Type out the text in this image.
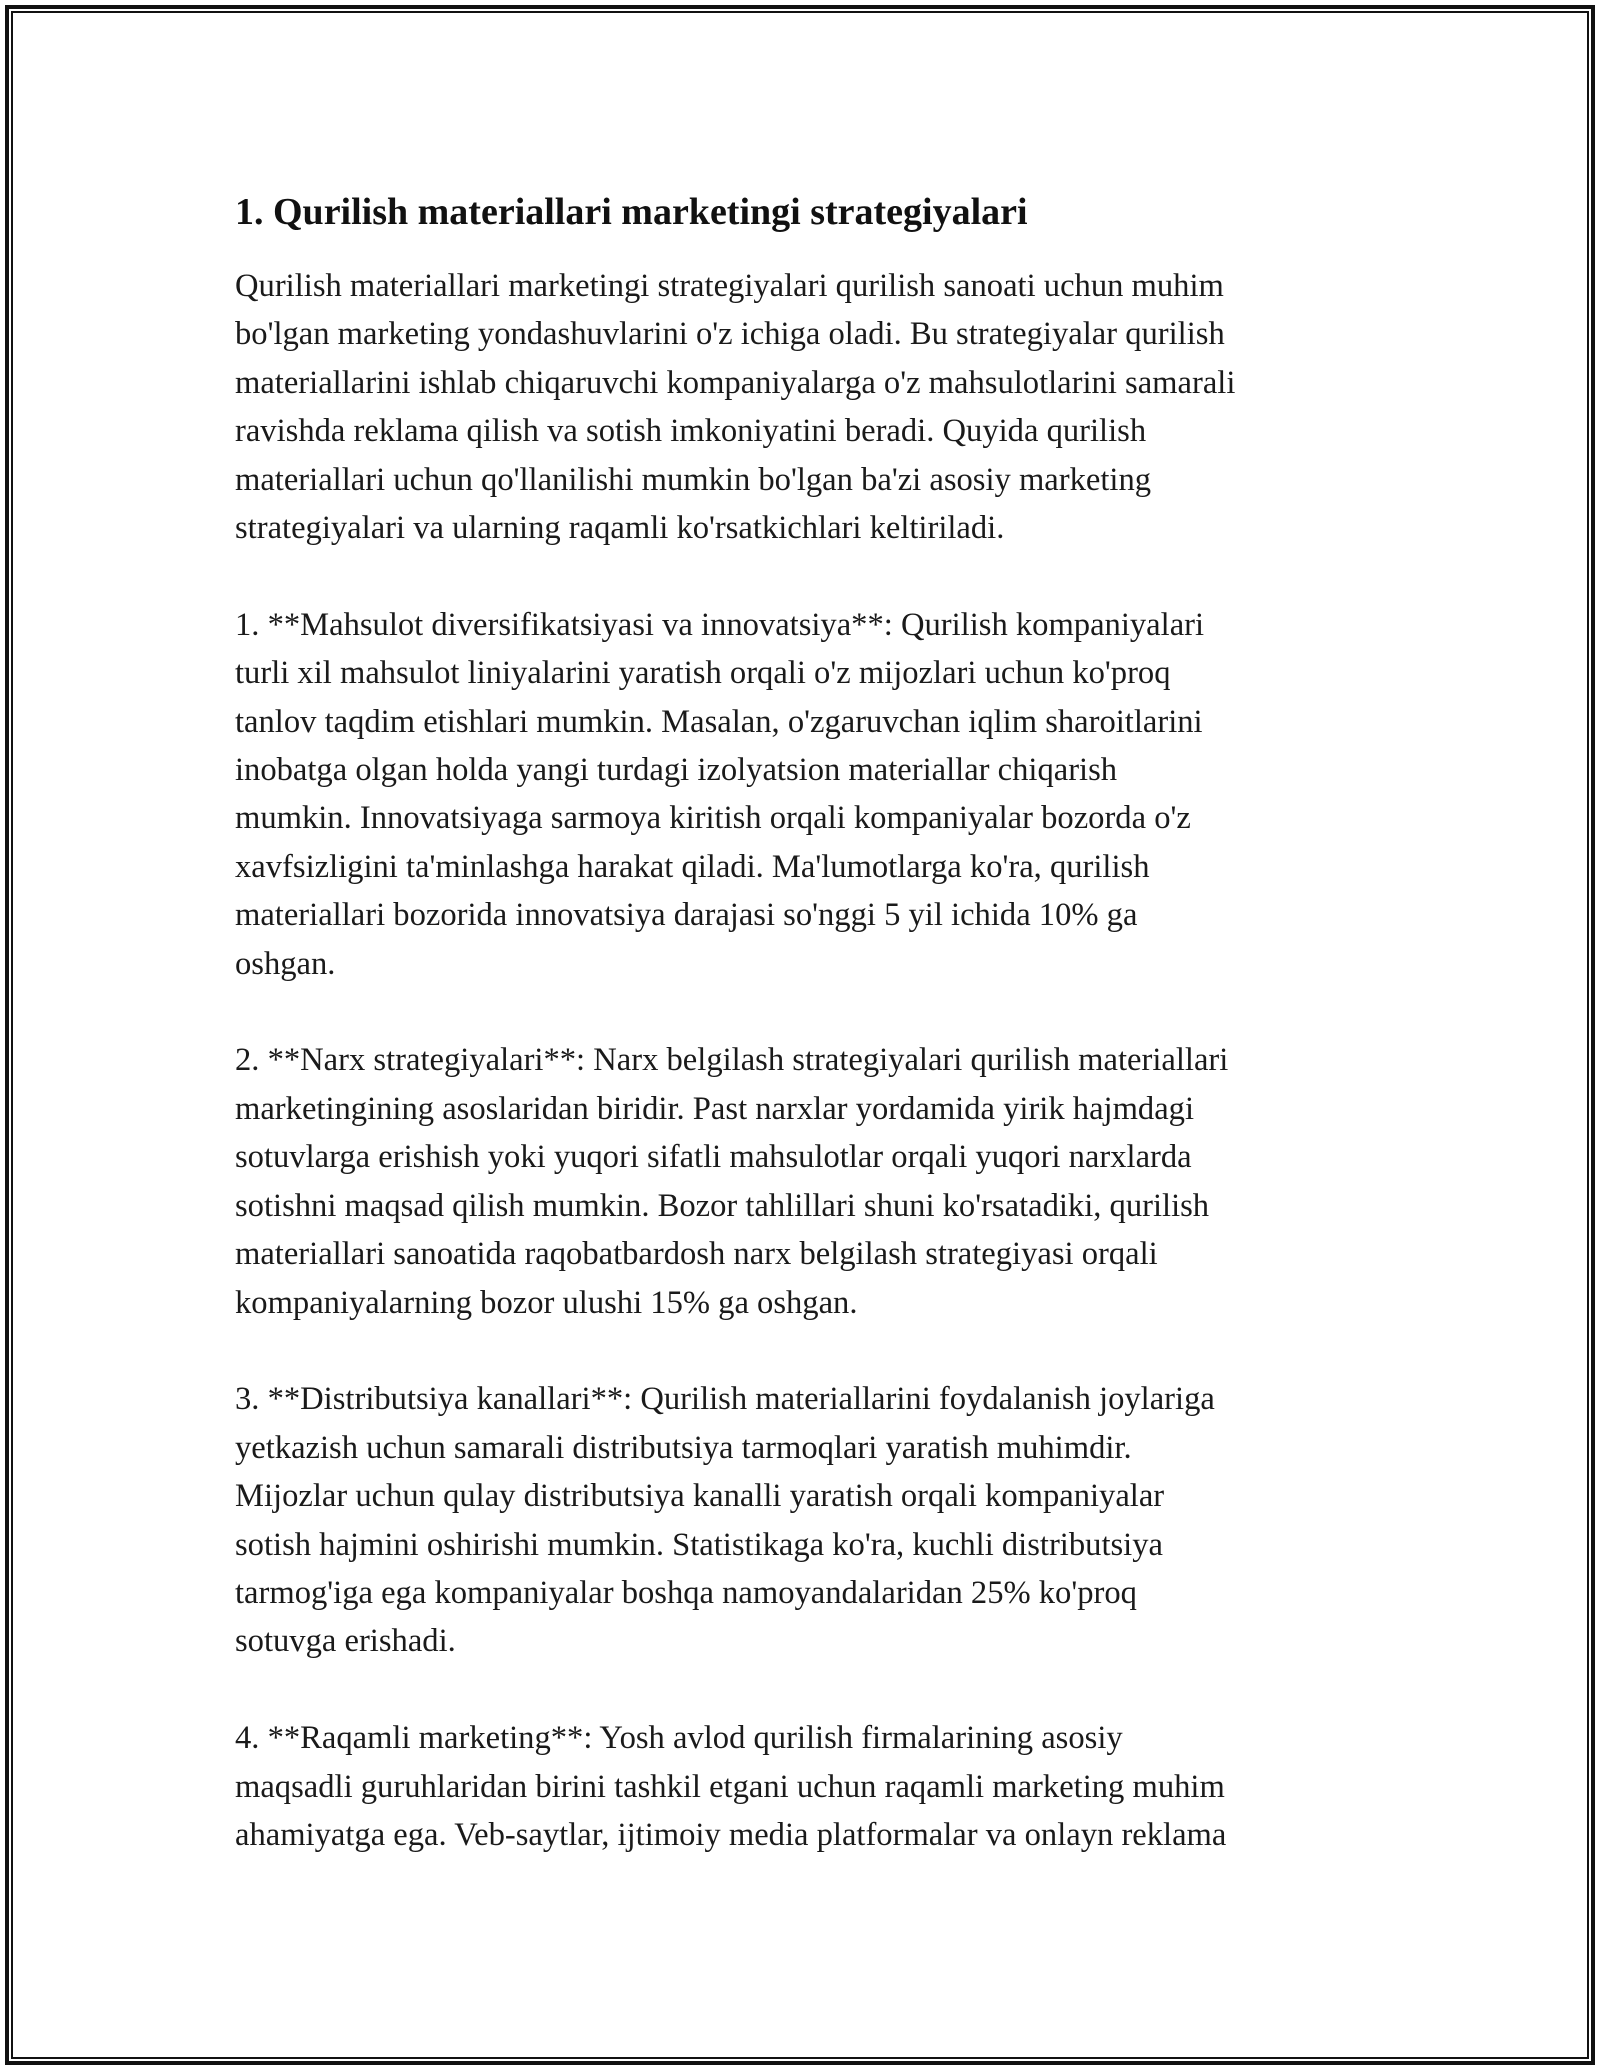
1. Qurilish materiallari marketingi strategiyalari
Qurilish materiallari marketingi strategiyalari qurilish sanoati uchun muhim
bo'lgan marketing yondashuvlarini o'z ichiga oladi. Bu strategiyalar qurilish
materiallarini ishlab chiqaruvchi kompaniyalarga o'z mahsulotlarini samarali
ravishda reklama qilish va sotish imkoniyatini beradi. Quyida qurilish
materiallari uchun qo'llanilishi mumkin bo'lgan ba'zi asosiy marketing
strategiyalari va ularning raqamli ko'rsatkichlari keltiriladi.
1. **Mahsulot diversifikatsiyasi va innovatsiya**: Qurilish kompaniyalari
turli xil mahsulot liniyalarini yaratish orqali o'z mijozlari uchun ko'proq
tanlov taqdim etishlari mumkin. Masalan, o'zgaruvchan iqlim sharoitlarini
inobatga olgan holda yangi turdagi izolyatsion materiallar chiqarish
mumkin. Innovatsiyaga sarmoya kiritish orqali kompaniyalar bozorda o'z
xavfsizligini ta'minlashga harakat qiladi. Ma'lumotlarga ko'ra, qurilish
materiallari bozorida innovatsiya darajasi so'nggi 5 yil ichida 10% ga
oshgan.
2. **Narx strategiyalari**: Narx belgilash strategiyalari qurilish materiallari
marketingining asoslaridan biridir. Past narxlar yordamida yirik hajmdagi
sotuvlarga erishish yoki yuqori sifatli mahsulotlar orqali yuqori narxlarda
sotishni maqsad qilish mumkin. Bozor tahlillari shuni ko'rsatadiki, qurilish
materiallari sanoatida raqobatbardosh narx belgilash strategiyasi orqali
kompaniyalarning bozor ulushi 15% ga oshgan.
3. **Distributsiya kanallari**: Qurilish materiallarini foydalanish joylariga
yetkazish uchun samarali distributsiya tarmoqlari yaratish muhimdir.
Mijozlar uchun qulay distributsiya kanalli yaratish orqali kompaniyalar
sotish hajmini oshirishi mumkin. Statistikaga ko'ra, kuchli distributsiya
tarmog'iga ega kompaniyalar boshqa namoyandalaridan 25% ko'proq
sotuvga erishadi.
4. **Raqamli marketing**: Yosh avlod qurilish firmalarining asosiy
maqsadli guruhlaridan birini tashkil etgani uchun raqamli marketing muhim
ahamiyatga ega. Veb-saytlar, ijtimoiy media platformalar va onlayn reklama
